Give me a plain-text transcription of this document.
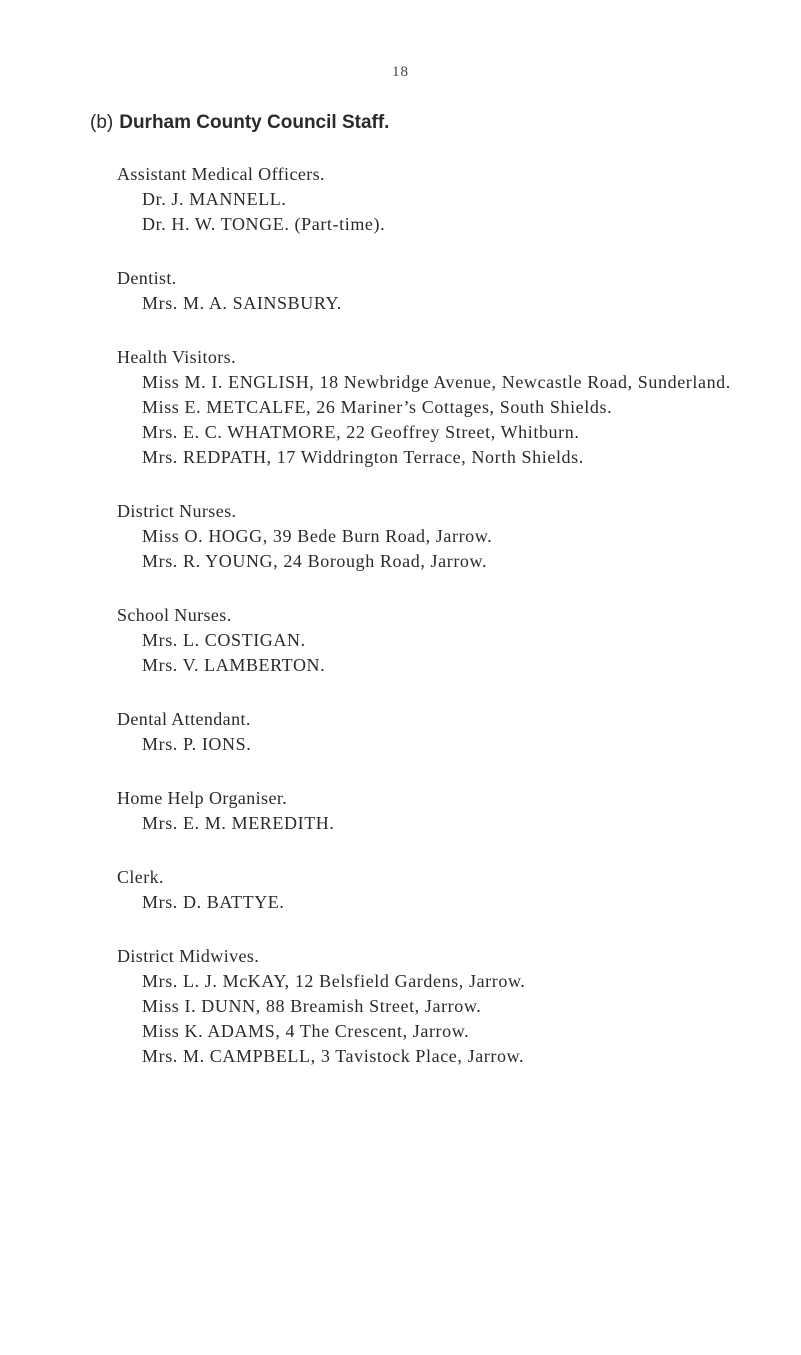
18
(b) Durham County Council Staff.
Assistant Medical Officers.
Dr. J. MANNELL.
Dr. H. W. TONGE. (Part-time).
Dentist.
Mrs. M. A. SAINSBURY.
Health Visitors.
Miss M. I. ENGLISH, 18 Newbridge Avenue, Newcastle Road, Sunderland.
Miss E. METCALFE, 26 Mariner’s Cottages, South Shields.
Mrs. E. C. WHATMORE, 22 Geoffrey Street, Whitburn.
Mrs. REDPATH, 17 Widdrington Terrace, North Shields.
District Nurses.
Miss O. HOGG, 39 Bede Burn Road, Jarrow.
Mrs. R. YOUNG, 24 Borough Road, Jarrow.
School Nurses.
Mrs. L. COSTIGAN.
Mrs. V. LAMBERTON.
Dental Attendant.
Mrs. P. IONS.
Home Help Organiser.
Mrs. E. M. MEREDITH.
Clerk.
Mrs. D. BATTYE.
District Midwives.
Mrs. L. J. McKAY, 12 Belsfield Gardens, Jarrow.
Miss I. DUNN, 88 Breamish Street, Jarrow.
Miss K. ADAMS, 4 The Crescent, Jarrow.
Mrs. M. CAMPBELL, 3 Tavistock Place, Jarrow.
